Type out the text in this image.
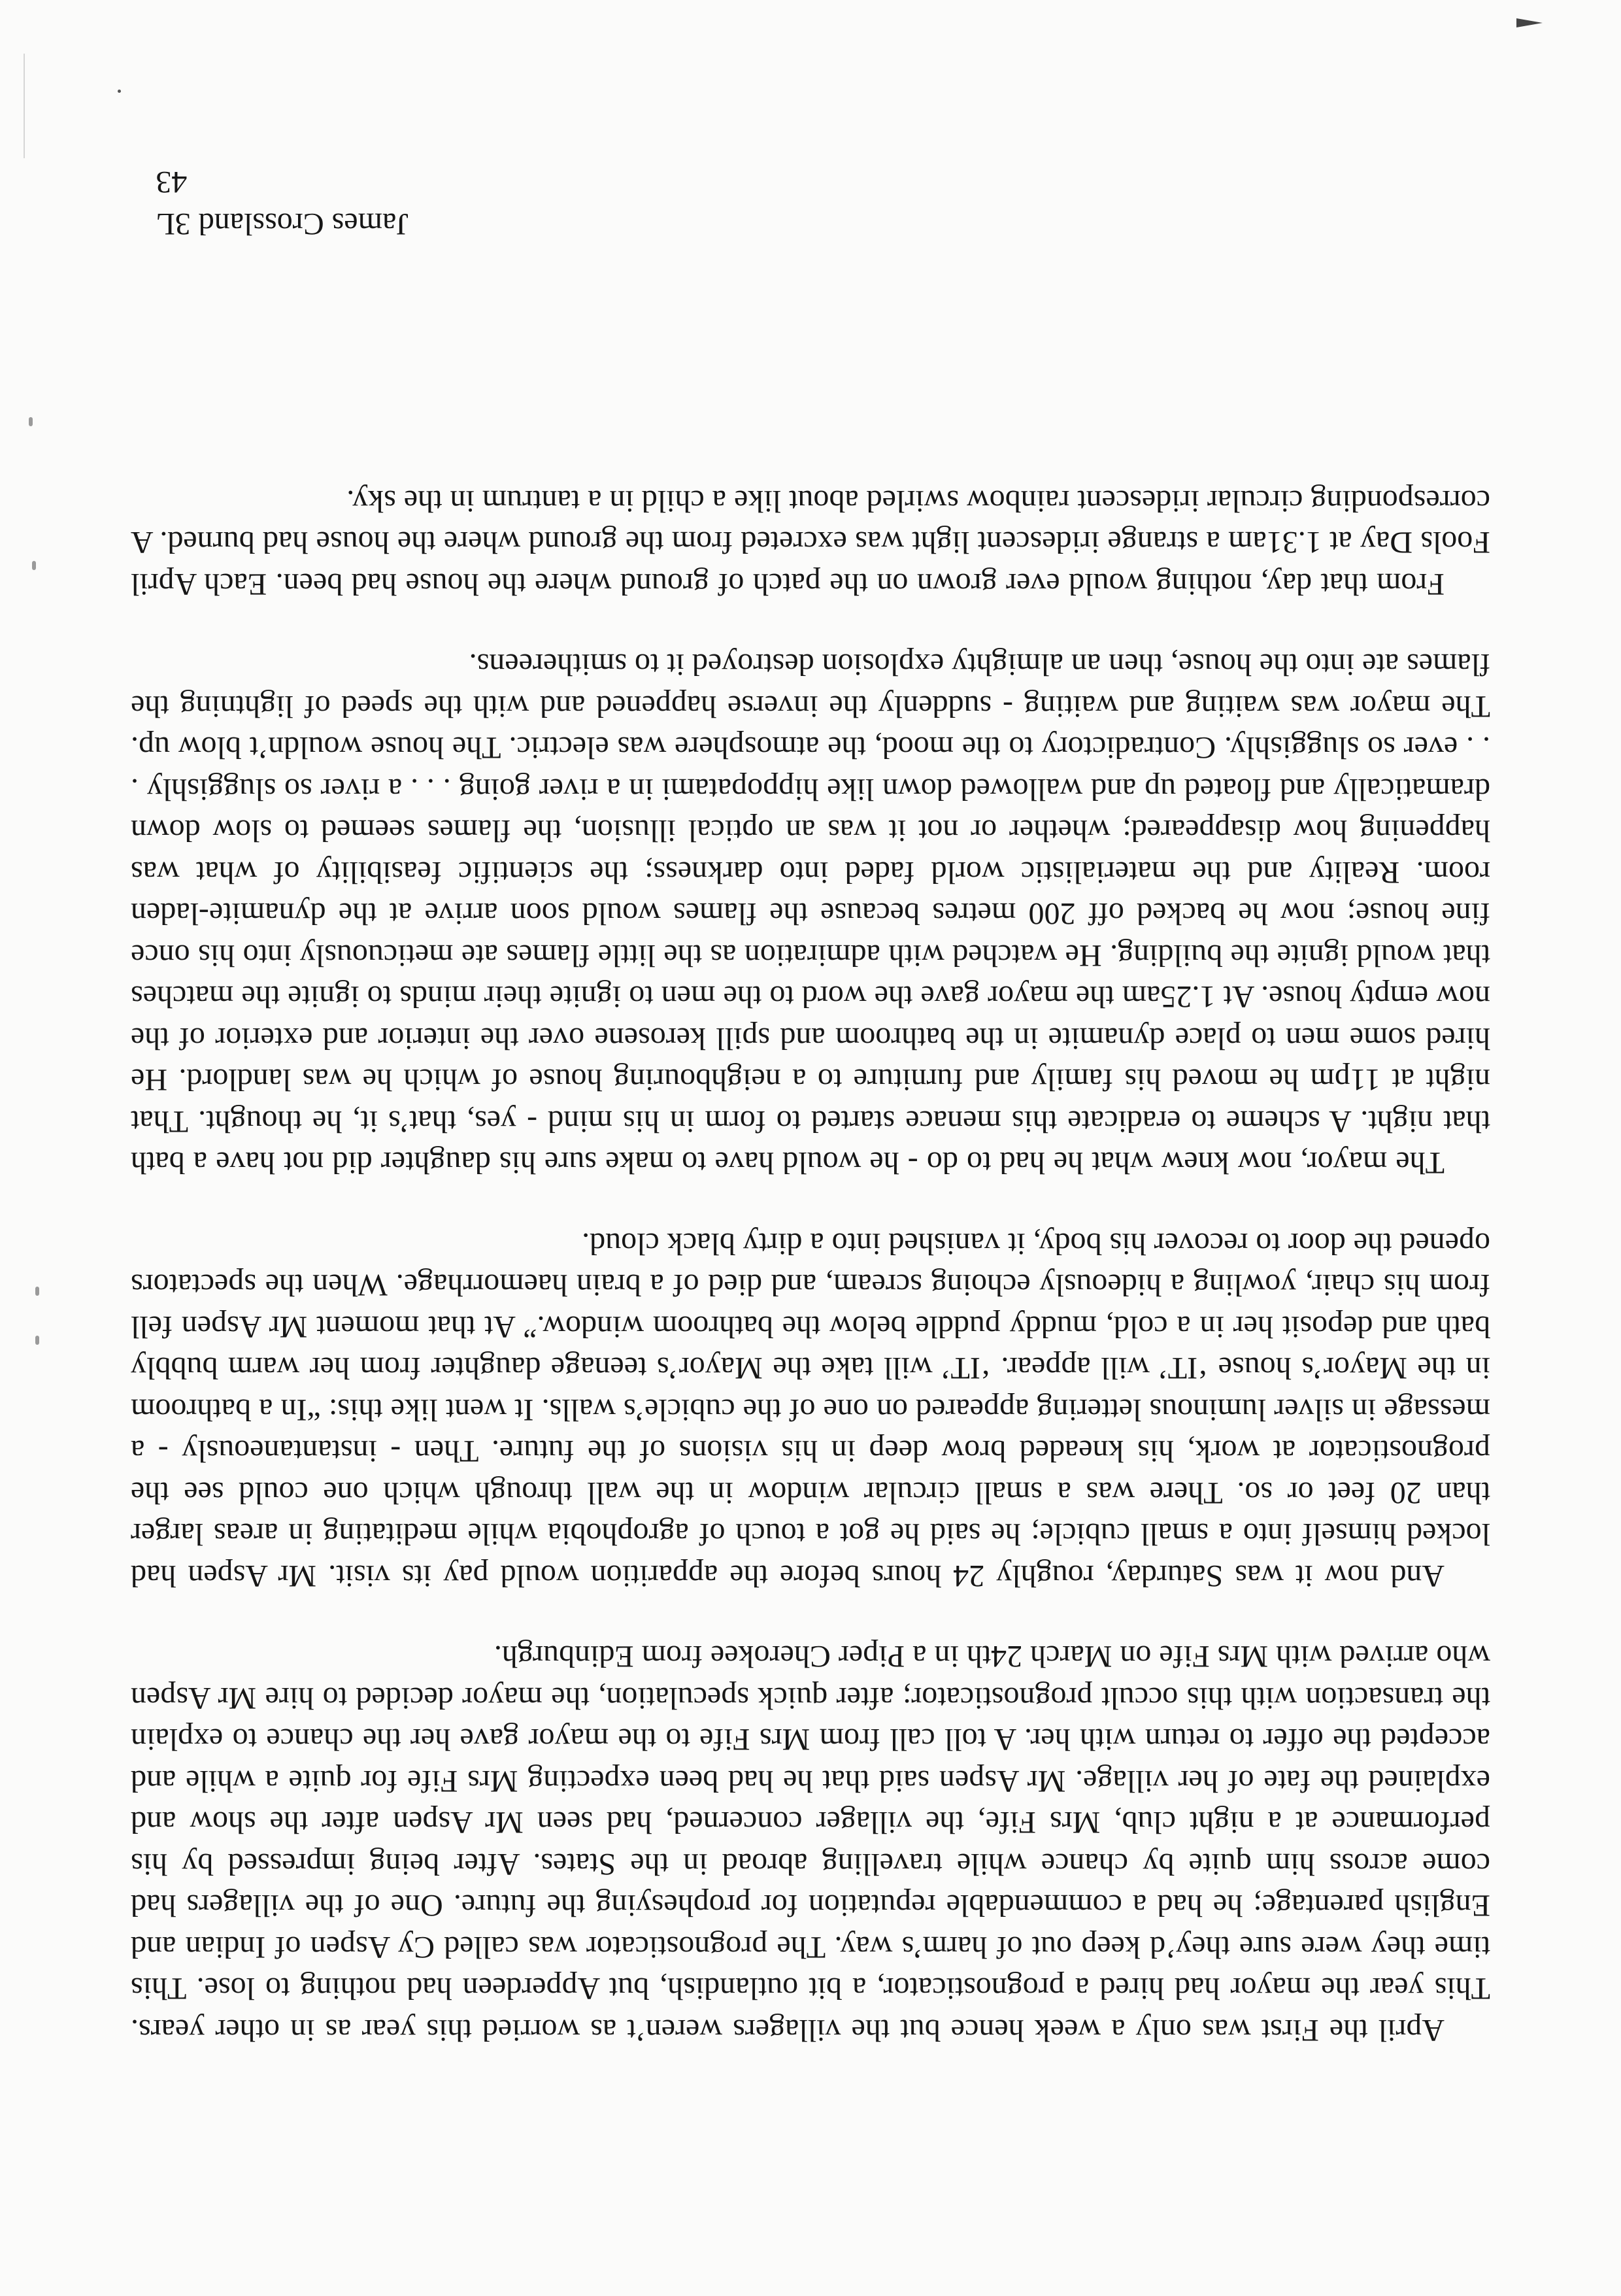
April the First was only a week hence but the villagers weren’t as worried this year as in other years. This year the mayor had hired a prognosticator, a bit outlandish, but Apperdeen had nothing to lose. This time they were sure they’d keep out of harm’s way. The prognosticator was called Cy Aspen of Indian and English parentage; he had a commendable reputation for prophesying the future. One of the villagers had come across him quite by chance while travelling abroad in the States. After being impressed by his performance at a night club, Mrs Fife, the villager concerned, had seen Mr Aspen after the show and explained the fate of her village. Mr Aspen said that he had been expecting Mrs Fife for quite a while and accepted the offer to return with her. A toll call from Mrs Fife to the mayor gave her the chance to explain the transaction with this occult prognosticator; after quick speculation, the mayor decided to hire Mr Aspen who arrived with Mrs Fife on March 24th in a Piper Cherokee from Edinburgh.

And now it was Saturday, roughly 24 hours before the apparition would pay its visit. Mr Aspen had locked himself into a small cubicle; he said he got a touch of agrophobia while meditating in areas larger than 20 feet or so. There was a small circular window in the wall through which one could see the prognosticator at work, his kneaded brow deep in his visions of the future. Then - instantaneously - a message in silver luminous lettering appeared on one of the cubicle’s walls. It went like this: “In a bathroom in the Mayor’s house ‘IT’ will appear. ‘IT’ will take the Mayor’s teenage daughter from her warm bubbly bath and deposit her in a cold, muddy puddle below the bathroom window.” At that moment Mr Aspen fell from his chair, yowling a hideously echoing scream, and died of a brain haemorrhage. When the spectators opened the door to recover his body, it vanished into a dirty black cloud.

The mayor, now knew what he had to do - he would have to make sure his daughter did not have a bath that night. A scheme to eradicate this menace started to form in his mind - yes, that’s it, he thought. That night at 11pm he moved his family and furniture to a neighbouring house of which he was landlord. He hired some men to place dynamite in the bathroom and spill kerosene over the interior and exterior of the now empty house. At 1.25am the mayor gave the word to the men to ignite their minds to ignite the matches that would ignite the building. He watched with admiration as the little flames ate meticuously into his once fine house; now he backed off 200 metres because the flames would soon arrive at the dynamite-laden room. Reality and the materialistic world faded into darkness; the scientific feasibility of what was happening how disappeared; whether or not it was an optical illusion, the flames seemed to slow down dramatically and floated up and wallowed down like hippopatami in a river going . . . a river so sluggishly . . . ever so sluggishly. Contradictory to the mood, the atmosphere was electric. The house wouldn’t blow up. The mayor was waiting and waiting - suddenly the inverse happened and with the speed of lightning the flames ate into the house, then an almighty explosion destroyed it to smithereens.

From that day, nothing would ever grown on the patch of ground where the house had been. Each April Fools Day at 1.31am a strange iridescent light was excreted from the ground where the house had burned. A corresponding circular iridescent rainbow swirled about like a child in a tantrum in the sky.

James Crossland 3L
43
